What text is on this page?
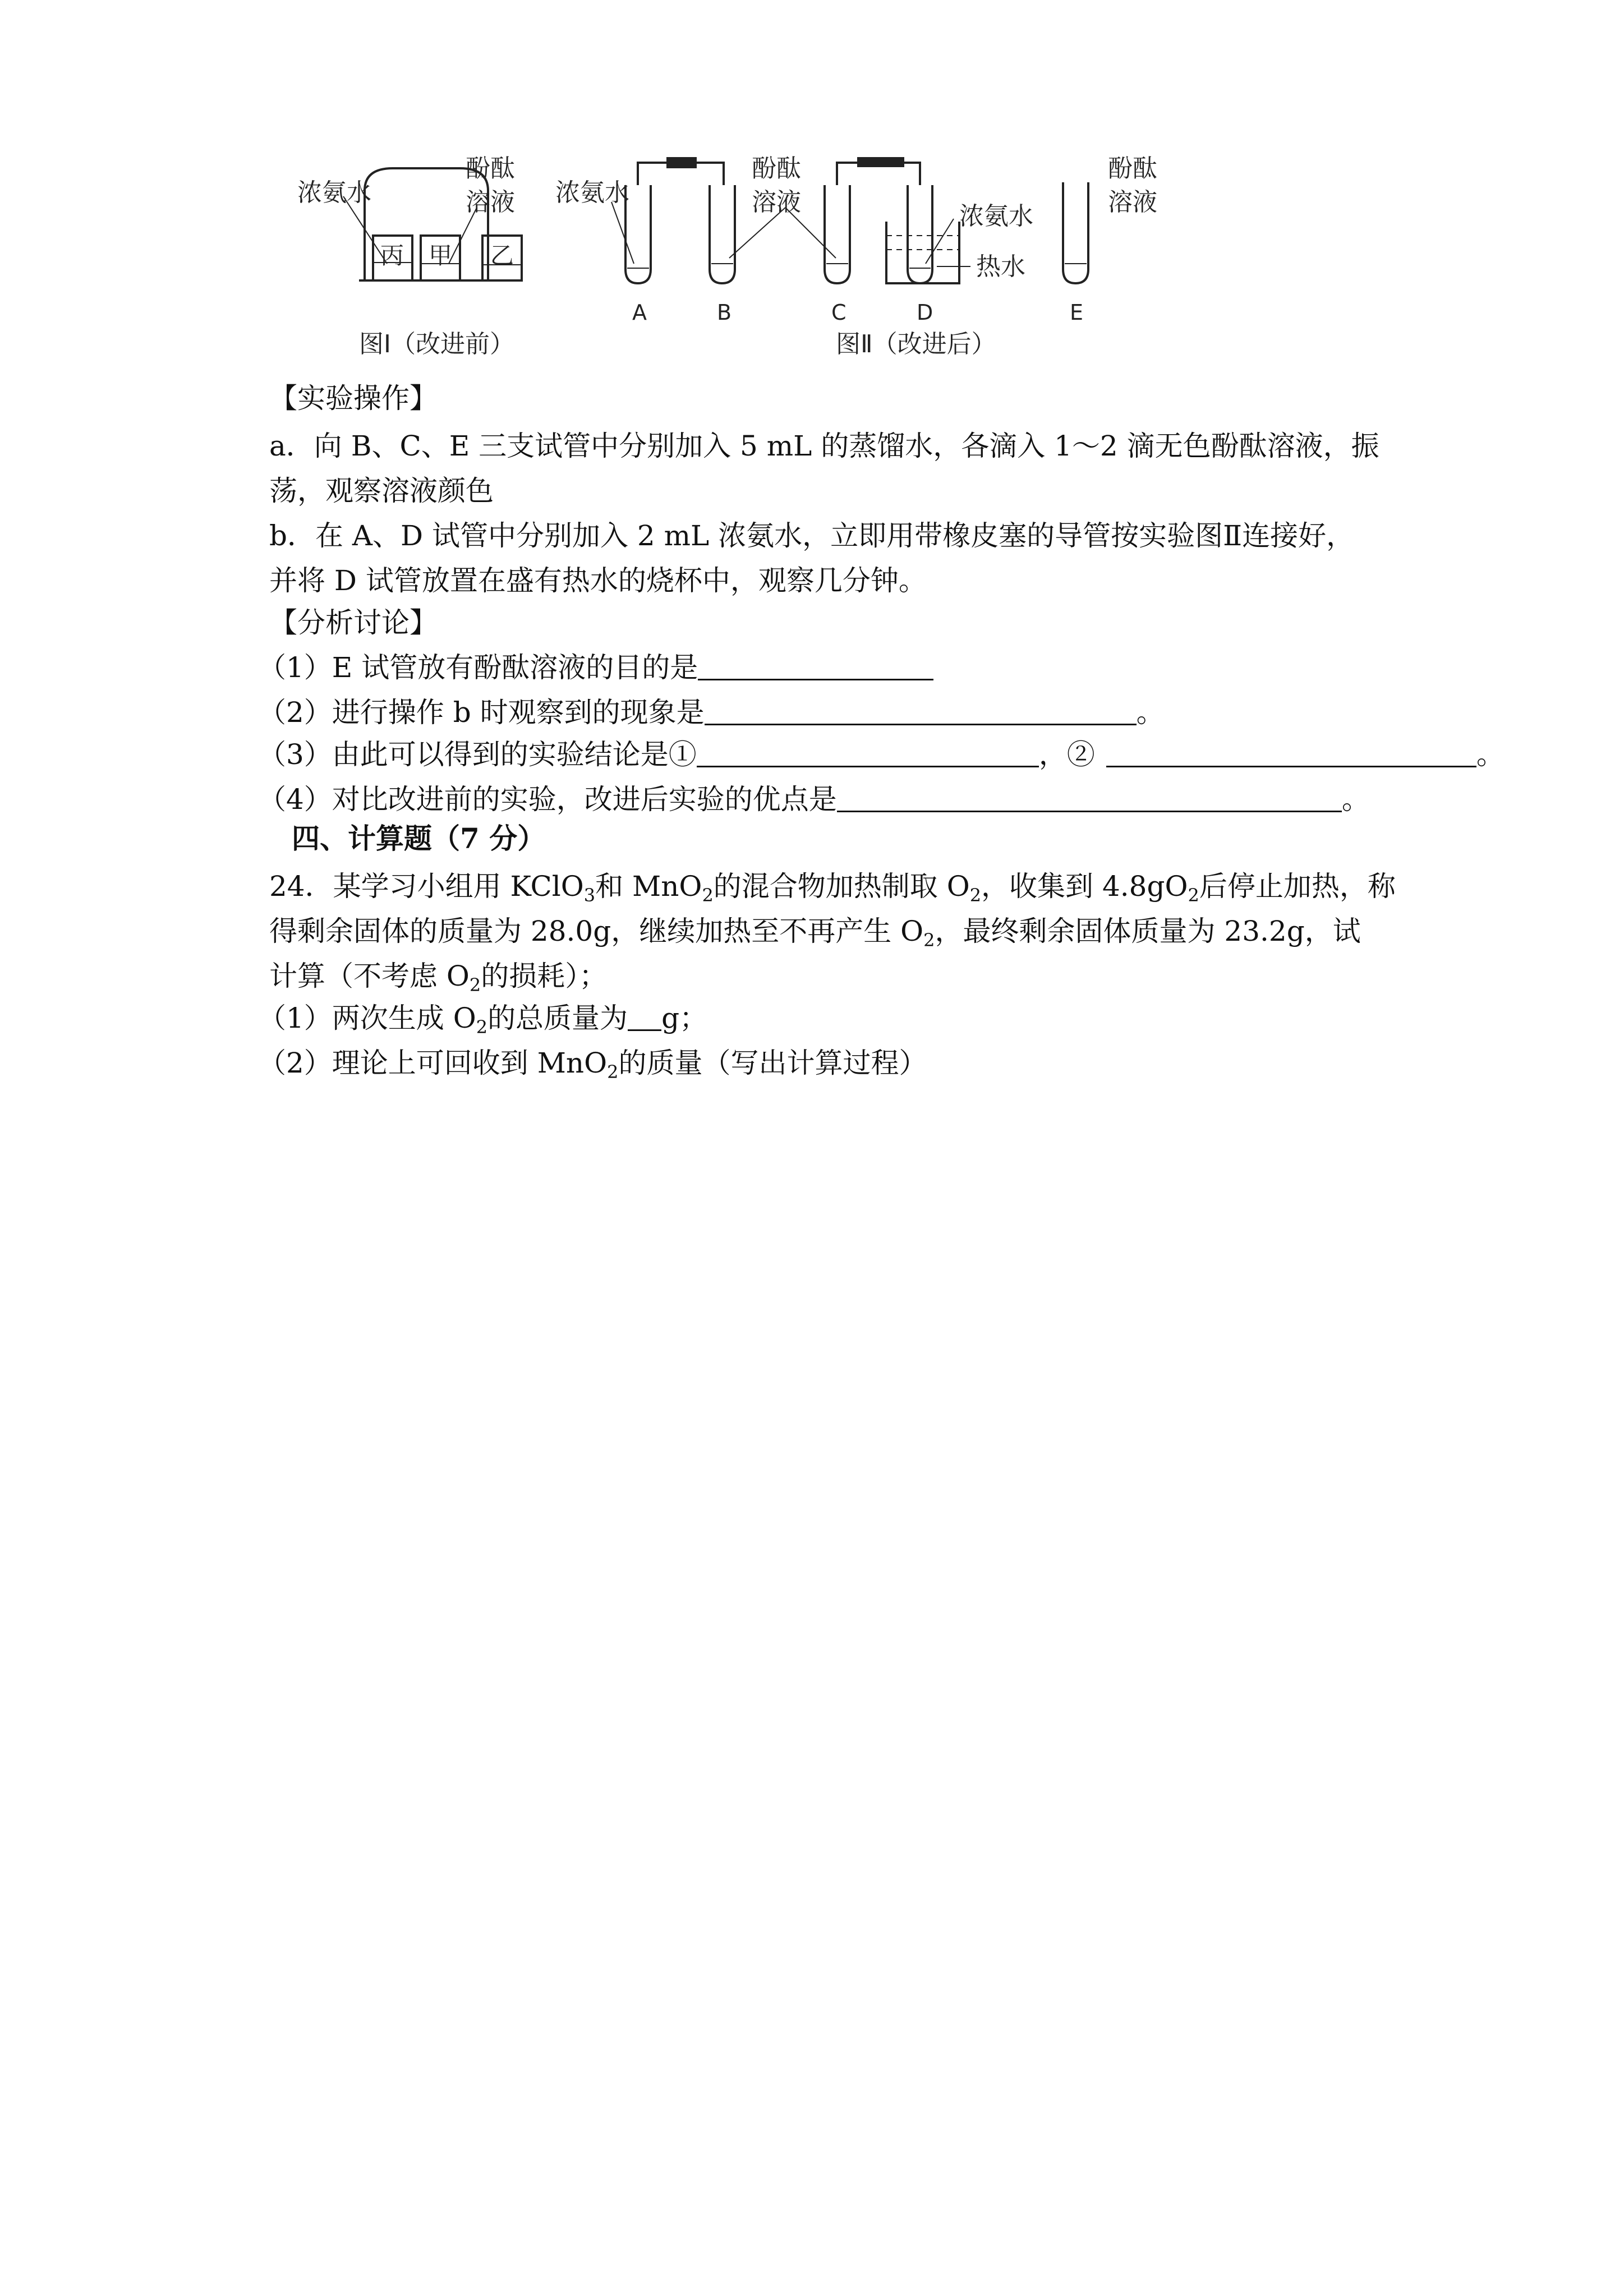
浓氨水
酚酞
溶液
丙 甲 乙
浓氨水
酚酞
溶液	浓氨水
热水
酚酞
溶液
A	B	C	D	E
图Ⅰ（改进前）	图Ⅱ（改进后）
【实验操作】
a．向 B、C、E 三支试管中分别加入 5 mL 的蒸馏水，各滴入 1～2 滴无色酚酞溶液，振
荡，观察溶液颜色
b．在 A、D 试管中分别加入 2 mL 浓氨水，立即用带橡皮塞的导管按实验图Ⅱ连接好，
并将 D 试管放置在盛有热水的烧杯中，观察几分钟。
【分析讨论】
（1）E 试管放有酚酞溶液的目的是
（2）进行操作 b 时观察到的现象是	。
（3）由此可以得到的实验结论是①	，②	。
（4）对比改进前的实验，改进后实验的优点是	。
四、计算题（7 分）
24．某学习小组用 KClO$_3$和 MnO$_2$的混合物加热制取 $O_2$，收集到 $4.8gO_2$后停止加热，称
得剩余固体的质量为 28.0g，继续加热至不再产生 $O_2$，最终剩余固体质量为 23.2g，试
计算（不考虑 $O_2$的损耗）；
（1）两次生成 $O_2$的总质量为 g；
（2）理论上可回收到 MnO$_2$的质量（写出计算过程）
